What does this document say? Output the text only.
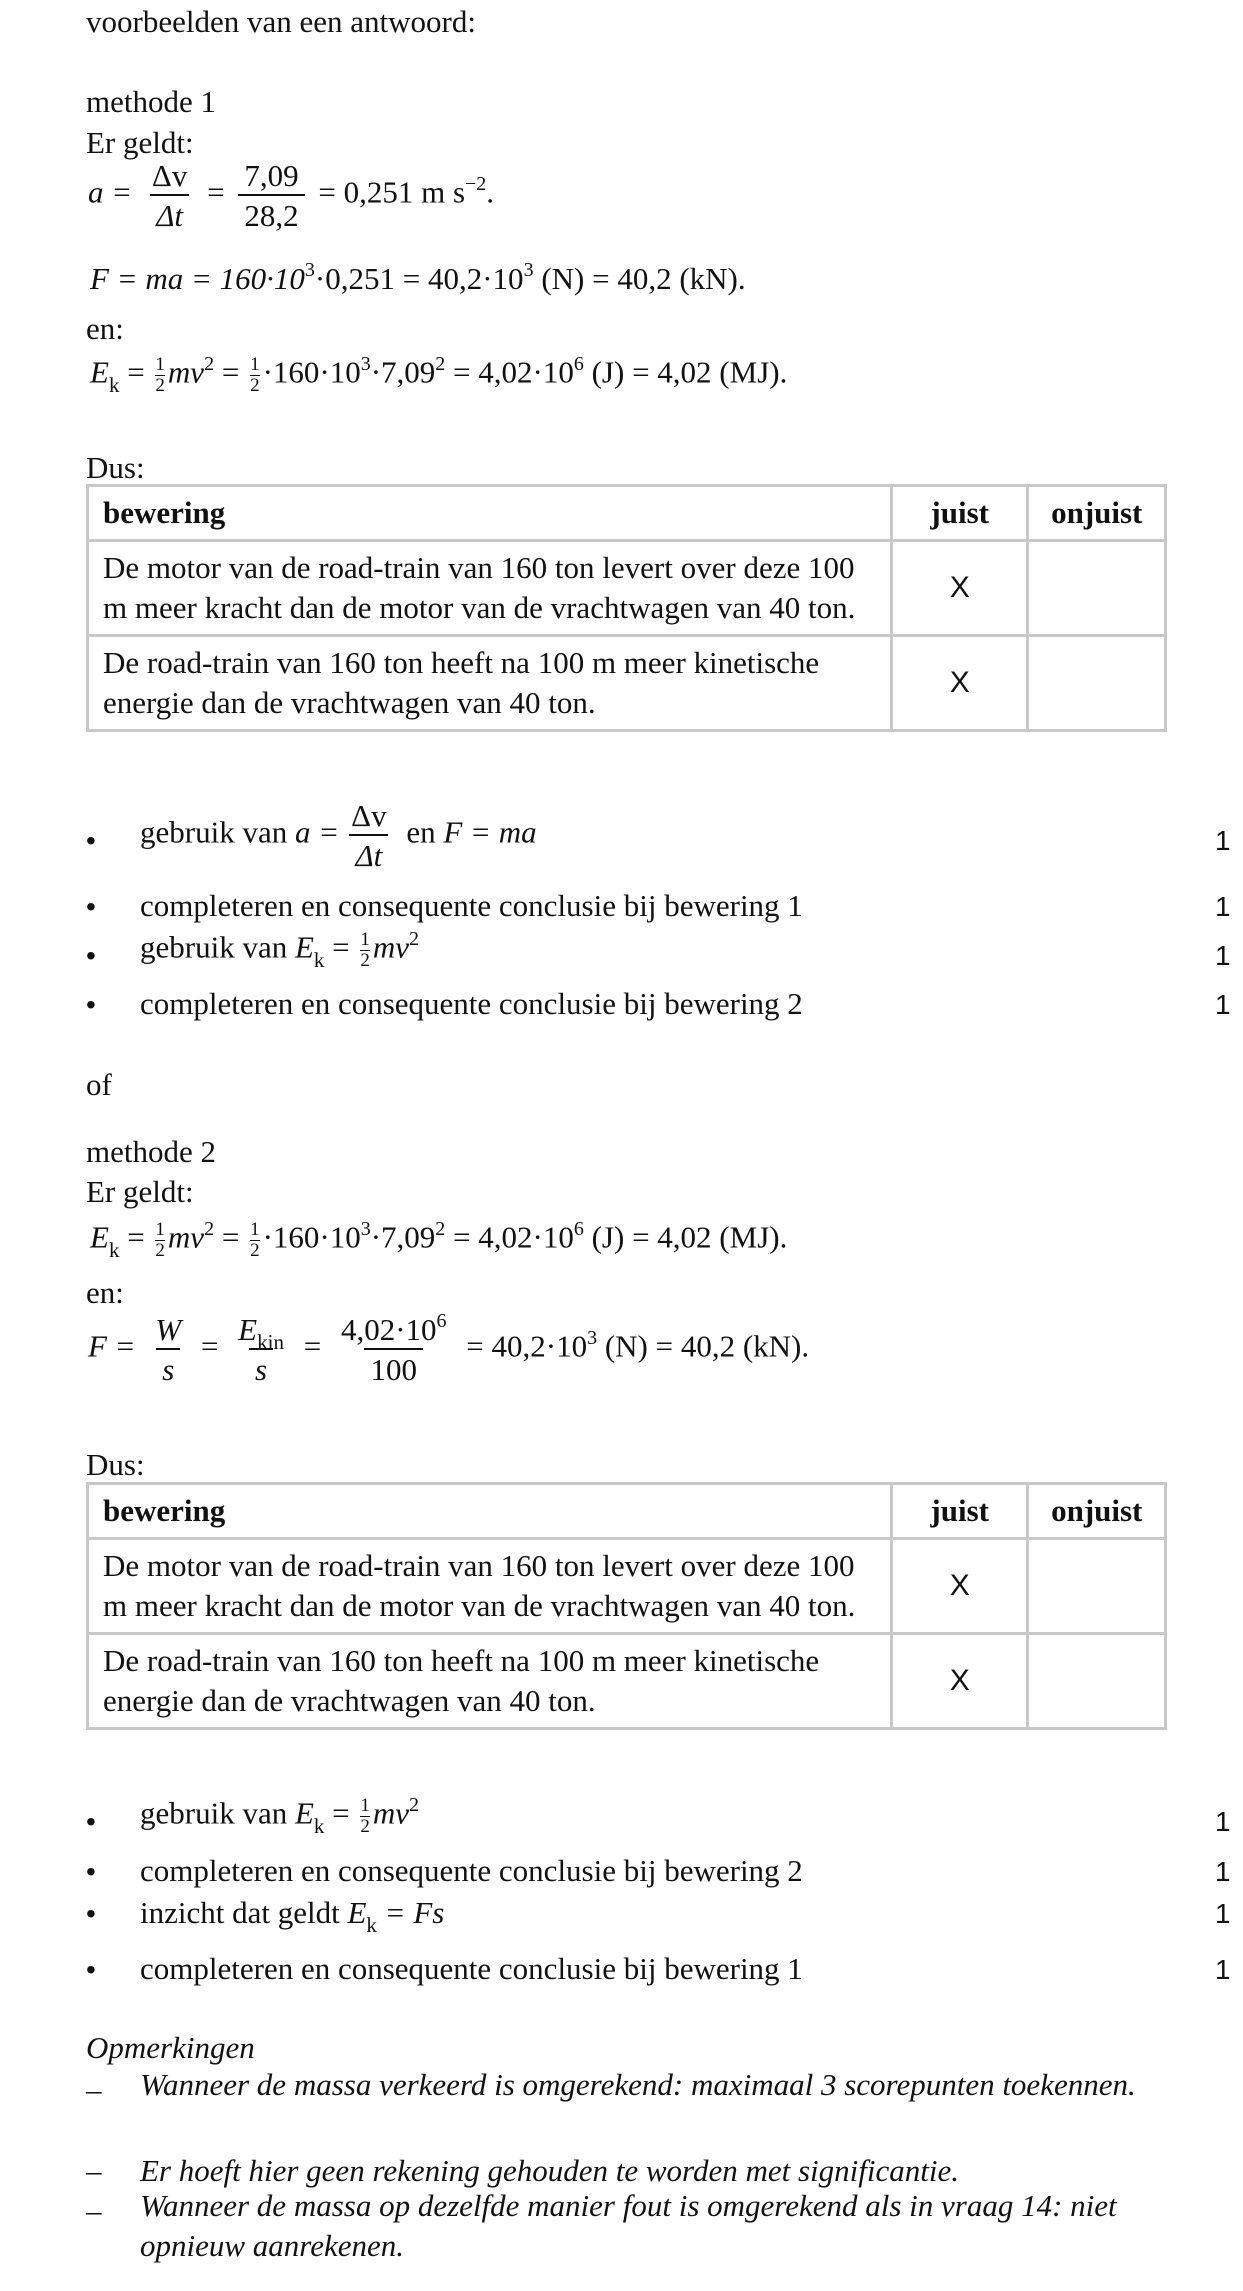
voorbeelden van een antwoord:
methode 1
Er geldt:
$a = \frac{\Delta v}{\Delta t} = \frac{7,09}{28,2} = 0,251$ m $s^{-2}$.
F = ma = $160\cdot 10^3\cdot 0,251 = 40,2\cdot 10^3$ (N) = 40,2 (kN).
en:
$E_k = \frac{1}{2} mv^2 = \frac{1}{2} \cdot 160\cdot 10^3\cdot 7,09^2 = 4,02\cdot 10^6$ (J) = 4,02 (MJ).
Dus:
bewering	juist	onjuist
De motor van de road-train van 160 ton levert over deze 100 m meer kracht dan de motor van de vrachtwagen van 40 ton.	X	
De road-train van 160 ton heeft na 100 m meer kinetische energie dan de vrachtwagen van 40 ton.	X	
• gebruik van $a = \frac{\Delta v}{\Delta t}$ en F = ma	1
• completeren en consequente conclusie bij bewering 1	1
• gebruik van $E_k = \frac{1}{2} mv^2$
1
• completeren en consequente conclusie bij bewering 2	1
of
methode 2
Er geldt:
$E_k = \frac{1}{2} mv^2 = \frac{1}{2} \cdot 160\cdot 10^3\cdot 7,09^2 = 4,02\cdot 10^6$ (J) = 4,02 (MJ).
en:
$F = \frac{W}{s} = \frac{E_{kin}}{s} = \frac{4,02\cdot 10^6}{100} = 40,2\cdot 10^3$ (N) = 40,2 (kN).
Dus:
bewering	juist	onjuist
De motor van de road-train van 160 ton levert over deze 100 m meer kracht dan de motor van de vrachtwagen van 40 ton.	X	
De road-train van 160 ton heeft na 100 m meer kinetische energie dan de vrachtwagen van 40 ton.	X	
• gebruik van $E_k = \frac{1}{2} mv^2$
1
• completeren en consequente conclusie bij bewering 2	1
• inzicht dat geldt $E_k = Fs$	1
• completeren en consequente conclusie bij bewering 1	1
Opmerkingen
– Wanneer de massa verkeerd is omgerekend: maximaal 3 scorepunten toekennen.
– Er hoeft hier geen rekening gehouden te worden met significantie.
– Wanneer de massa op dezelfde manier fout is omgerekend als in vraag 14: niet opnieuw aanrekenen.
